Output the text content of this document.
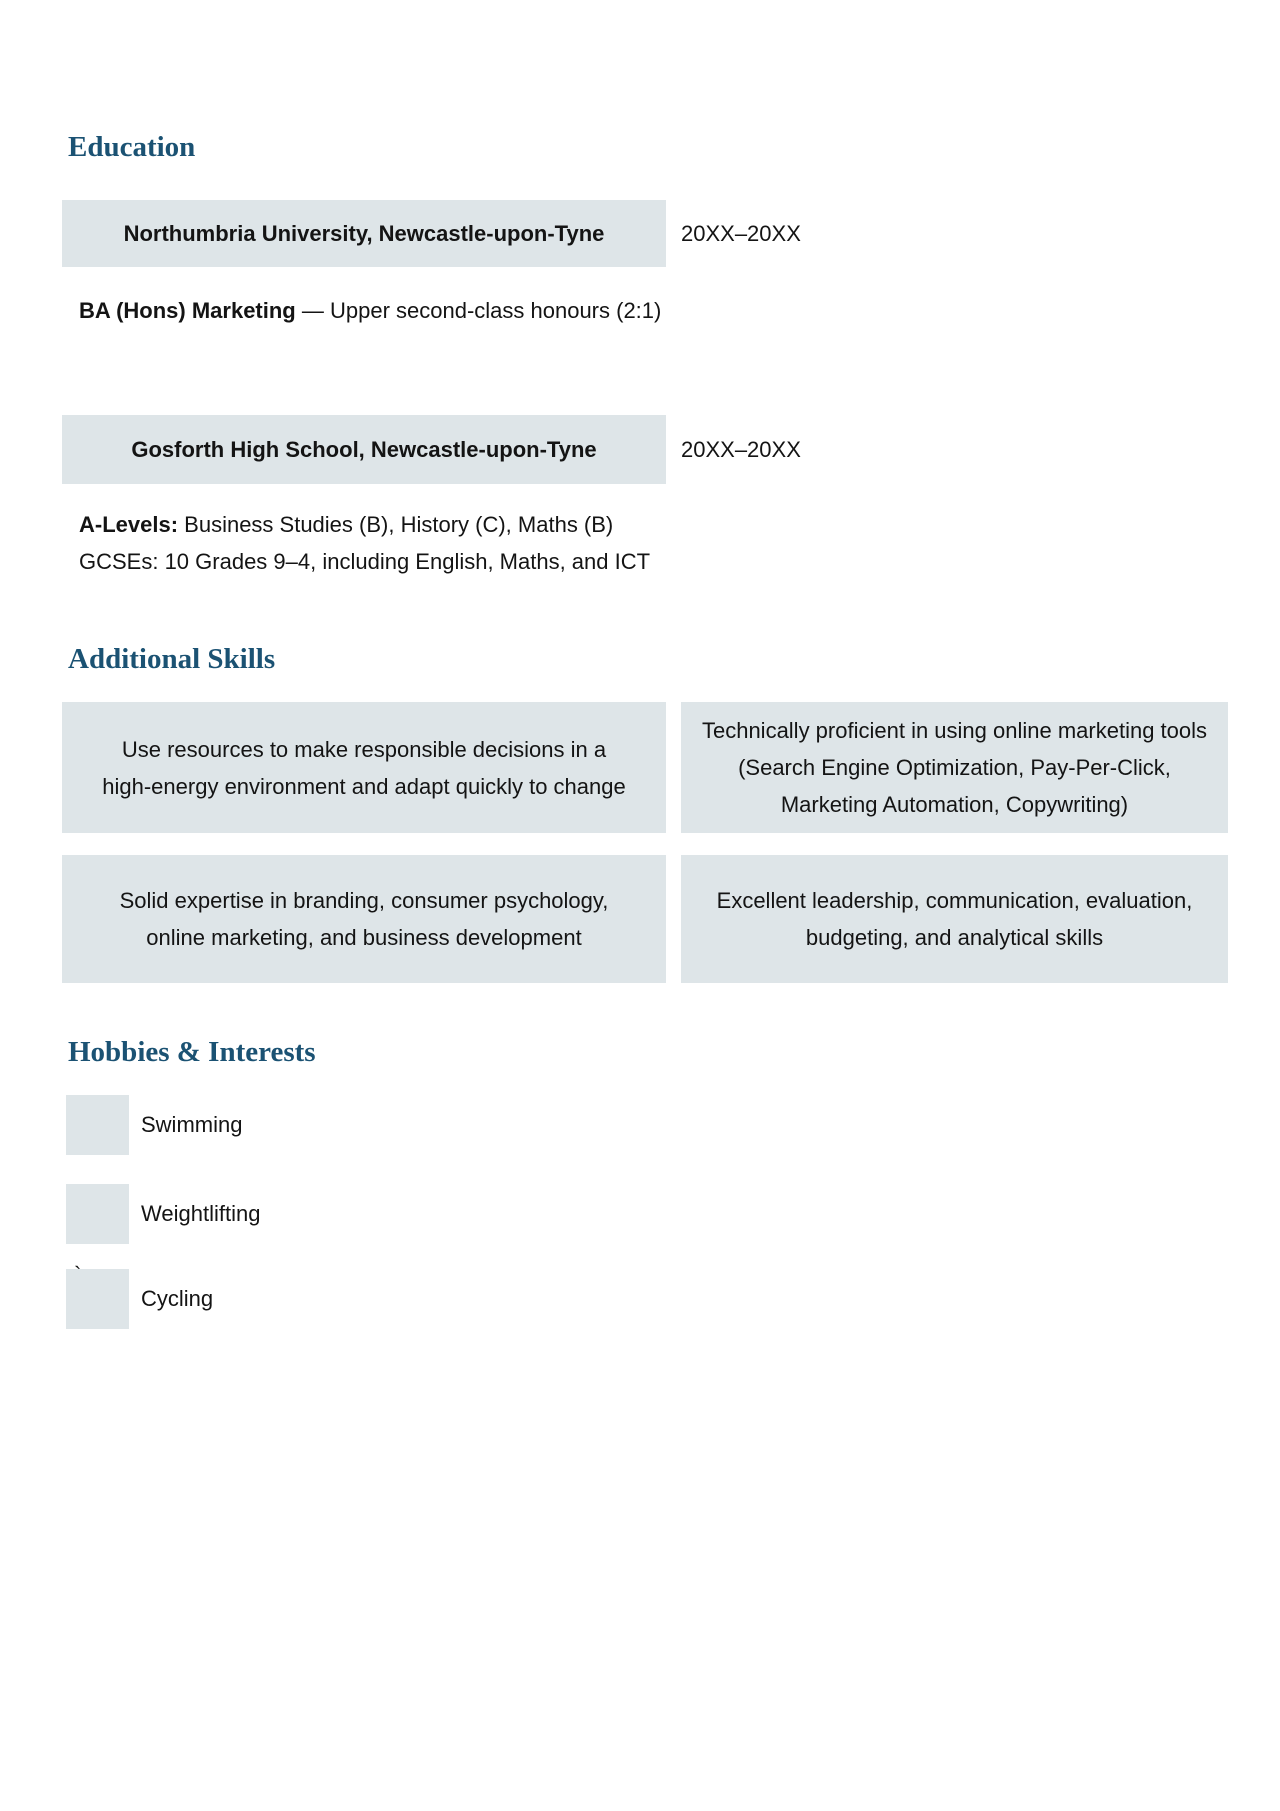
Education
Northumbria University, Newcastle-upon-Tyne	20XX–20XX
BA (Hons) Marketing — Upper second-class honours (2:1)
Gosforth High School, Newcastle-upon-Tyne	20XX–20XX
A-Levels: Business Studies (B), History (C), Maths (B)
GCSEs: 10 Grades 9–4, including English, Maths, and ICT
Additional Skills
Use resources to make responsible decisions in a high-energy environment and adapt quickly to change
Technically proficient in using online marketing tools (Search Engine Optimization, Pay-Per-Click, Marketing Automation, Copywriting)
Solid expertise in branding, consumer psychology, online marketing, and business development
Excellent leadership, communication, evaluation, budgeting, and analytical skills
Hobbies & Interests
Swimming
Weightlifting
Cycling
`
